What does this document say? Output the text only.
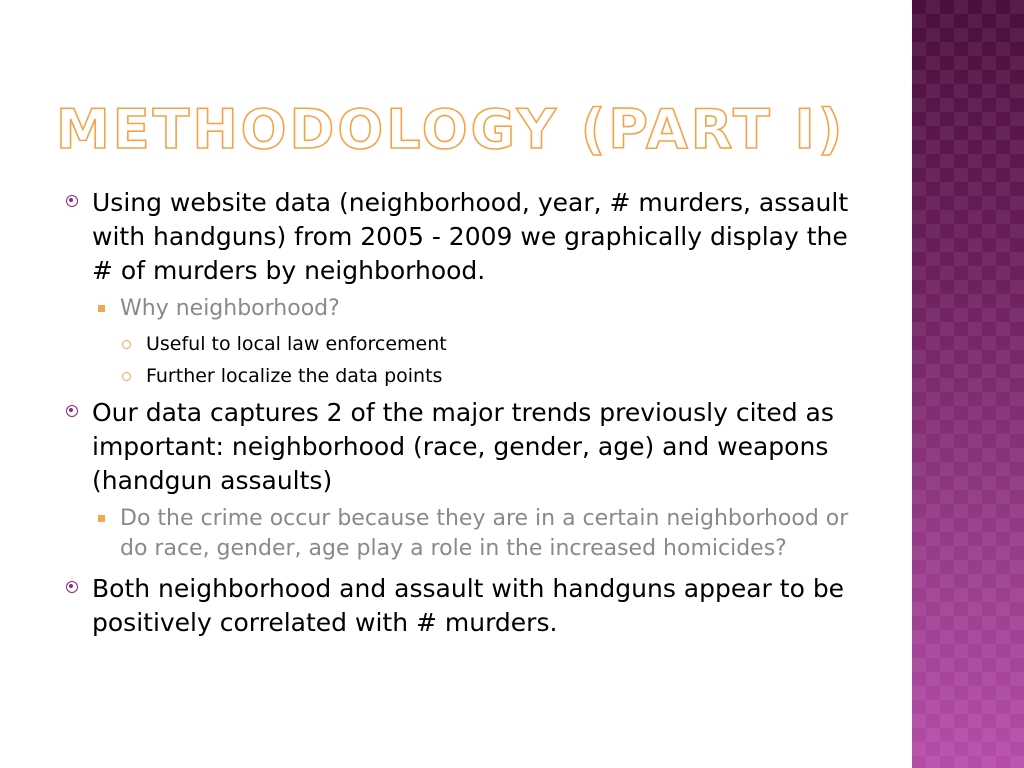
METHODOLOGY (PART I)
Using website data (neighborhood, year, # murders, assault with handguns) from 2005 - 2009 we graphically display the # of murders by neighborhood.
Why neighborhood?
Useful to local law enforcement
Further localize the data points
Our data captures 2 of the major trends previously cited as important: neighborhood (race, gender, age) and weapons (handgun assaults)
Do the crime occur because they are in a certain neighborhood or do race, gender, age play a role in the increased homicides?
Both neighborhood and assault with handguns appear to be positively correlated with # murders.
